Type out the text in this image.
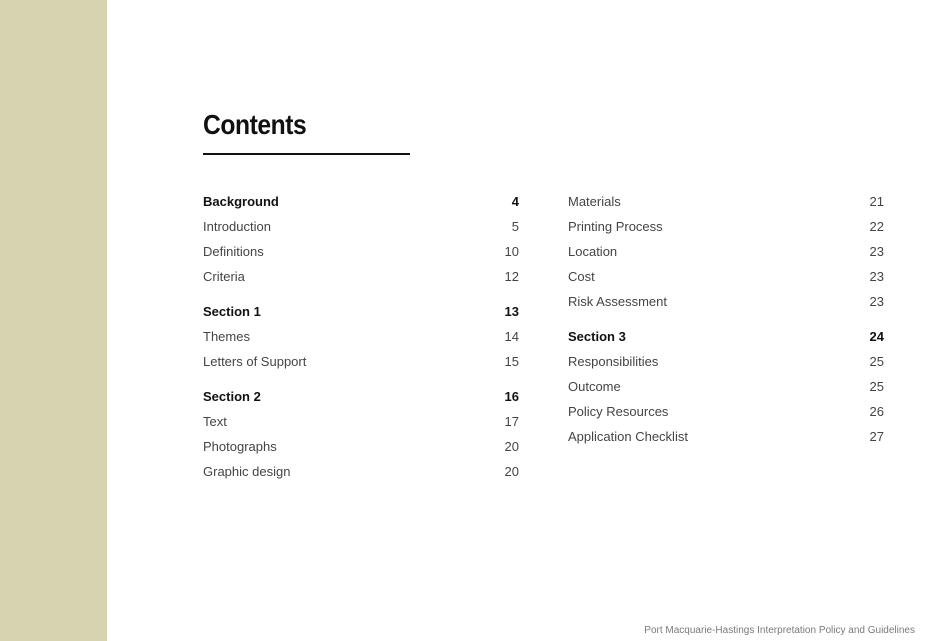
Contents
Background	4
Introduction	5
Definitions	10
Criteria	12
Section 1	13
Themes	14
Letters of Support	15
Section 2	16
Text	17
Photographs	20
Graphic design	20
Materials	21
Printing Process	22
Location	23
Cost	23
Risk Assessment	23
Section 3	24
Responsibilities	25
Outcome	25
Policy Resources	26
Application Checklist	27
Port Macquarie-Hastings Interpretation Policy and Guidelines
